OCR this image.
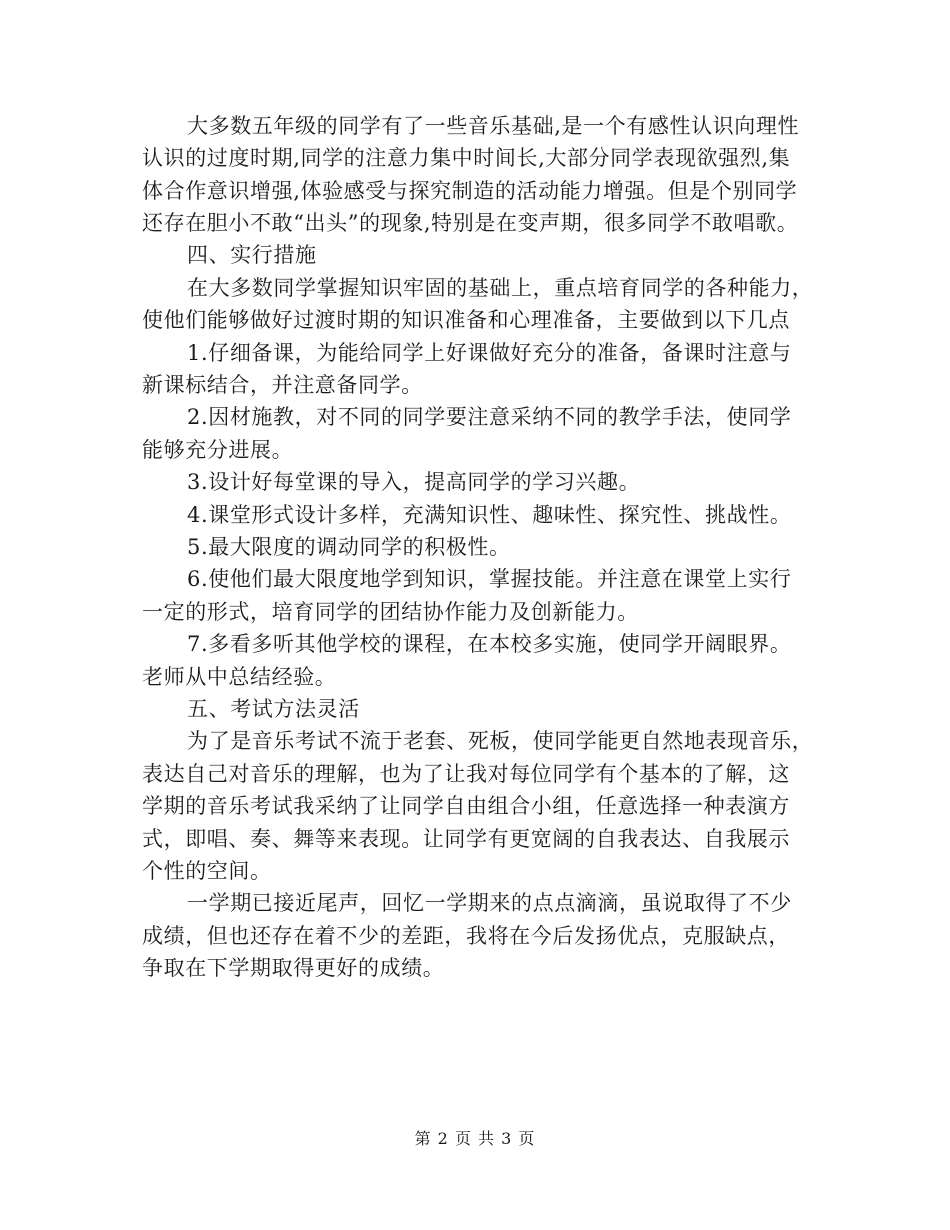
大多数五年级的同学有了一些音乐基础,是一个有感性认识向理性
认识的过度时期,同学的注意力集中时间长,大部分同学表现欲强烈,集
体合作意识增强,体验感受与探究制造的活动能力增强。但是个别同学
还存在胆小不敢“出头”的现象,特别是在变声期，很多同学不敢唱歌。
四、实行措施
在大多数同学掌握知识牢固的基础上，重点培育同学的各种能力，
使他们能够做好过渡时期的知识准备和心理准备，主要做到以下几点
1.仔细备课，为能给同学上好课做好充分的准备，备课时注意与
新课标结合，并注意备同学。
2.因材施教，对不同的同学要注意采纳不同的教学手法，使同学
能够充分进展。
3.设计好每堂课的导入，提高同学的学习兴趣。
4.课堂形式设计多样，充满知识性、趣味性、探究性、挑战性。
5.最大限度的调动同学的积极性。
6.使他们最大限度地学到知识，掌握技能。并注意在课堂上实行
一定的形式，培育同学的团结协作能力及创新能力。
7.多看多听其他学校的课程，在本校多实施，使同学开阔眼界。
老师从中总结经验。
五、考试方法灵活
为了是音乐考试不流于老套、死板，使同学能更自然地表现音乐，
表达自己对音乐的理解，也为了让我对每位同学有个基本的了解，这
学期的音乐考试我采纳了让同学自由组合小组，任意选择一种表演方
式，即唱、奏、舞等来表现。让同学有更宽阔的自我表达、自我展示
个性的空间。
一学期已接近尾声，回忆一学期来的点点滴滴，虽说取得了不少
成绩，但也还存在着不少的差距，我将在今后发扬优点，克服缺点，
争取在下学期取得更好的成绩。
第 2 页 共 3 页
